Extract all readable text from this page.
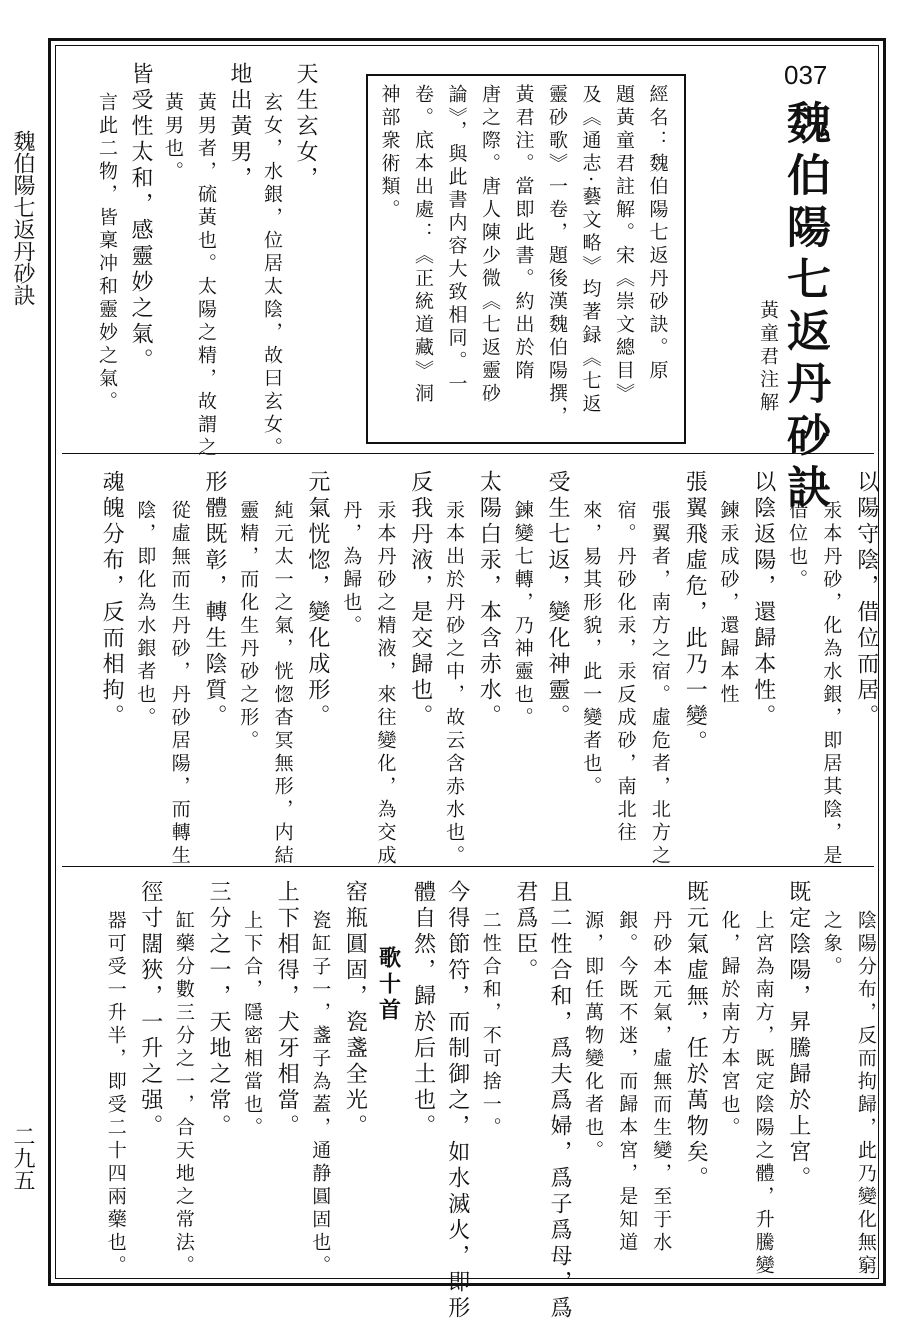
魏伯陽七返丹砂訣
二九五
037
魏伯陽七返丹砂訣
黃童君注解
經名：魏伯陽七返丹砂訣。原
題黃童君註解。宋《崇文總目》
及《通志·藝文略》均著録《七返
靈砂歌》一卷，題後漢魏伯陽撰，
黃君注。當即此書。約出於隋
唐之際。唐人陳少微《七返靈砂
論》，與此書内容大致相同。一
卷。底本出處：《正統道藏》洞
神部衆術類。
天生玄女，
玄女，水銀，位居太陰，故曰玄女。
地出黃男，
黃男者，硫黃也。太陽之精，故謂之
黃男也。
皆受性太和，感靈妙之氣。
言此二物，皆稟冲和靈妙之氣。
以陽守陰，借位而居。
汞本丹砂，化為水銀，即居其陰，是
借位也。
以陰返陽，還歸本性。
鍊汞成砂，還歸本性
張翼飛虛危，此乃一變。
張翼者，南方之宿。虛危者，北方之
宿。丹砂化汞，汞反成砂，南北往
來，易其形貌，此一變者也。
受生七返，變化神靈。
鍊變七轉，乃神靈也。
太陽白汞，本含赤水。
汞本出於丹砂之中，故云含赤水也。
反我丹液，是交歸也。
汞本丹砂之精液，來往變化，為交成
丹，為歸也。
元氣恍惚，變化成形。
純元太一之氣，恍惚杳冥無形，内結
靈精，而化生丹砂之形。
形體既彰，轉生陰質。
從虛無而生丹砂，丹砂居陽，而轉生
陰，即化為水銀者也。
魂魄分布，反而相拘。
陰陽分布，反而拘歸，此乃變化無窮
之象。
既定陰陽，昇騰歸於上宮。
上宮為南方，既定陰陽之體，升騰變
化，歸於南方本宮也。
既元氣虛無，任於萬物矣。
丹砂本元氣，虛無而生變，至于水
銀。今既不迷，而歸本宮，是知道
源，即任萬物變化者也。
且二性合和，爲夫爲婦，爲子爲母，爲
君爲臣。
二性合和，不可捨一。
今得節符，而制御之，如水滅火，即形
體自然，歸於后土也。
歌十首
窑瓶圓固，瓷盞全光。
瓷缸子一，盞子為蓋，通静圓固也。
上下相得，犬牙相當。
上下合，隱密相當也。
三分之一，天地之常。
缸藥分數三分之一，合天地之常法。
徑寸闊狹，一升之强。
器可受一升半，即受二十四兩藥也。
